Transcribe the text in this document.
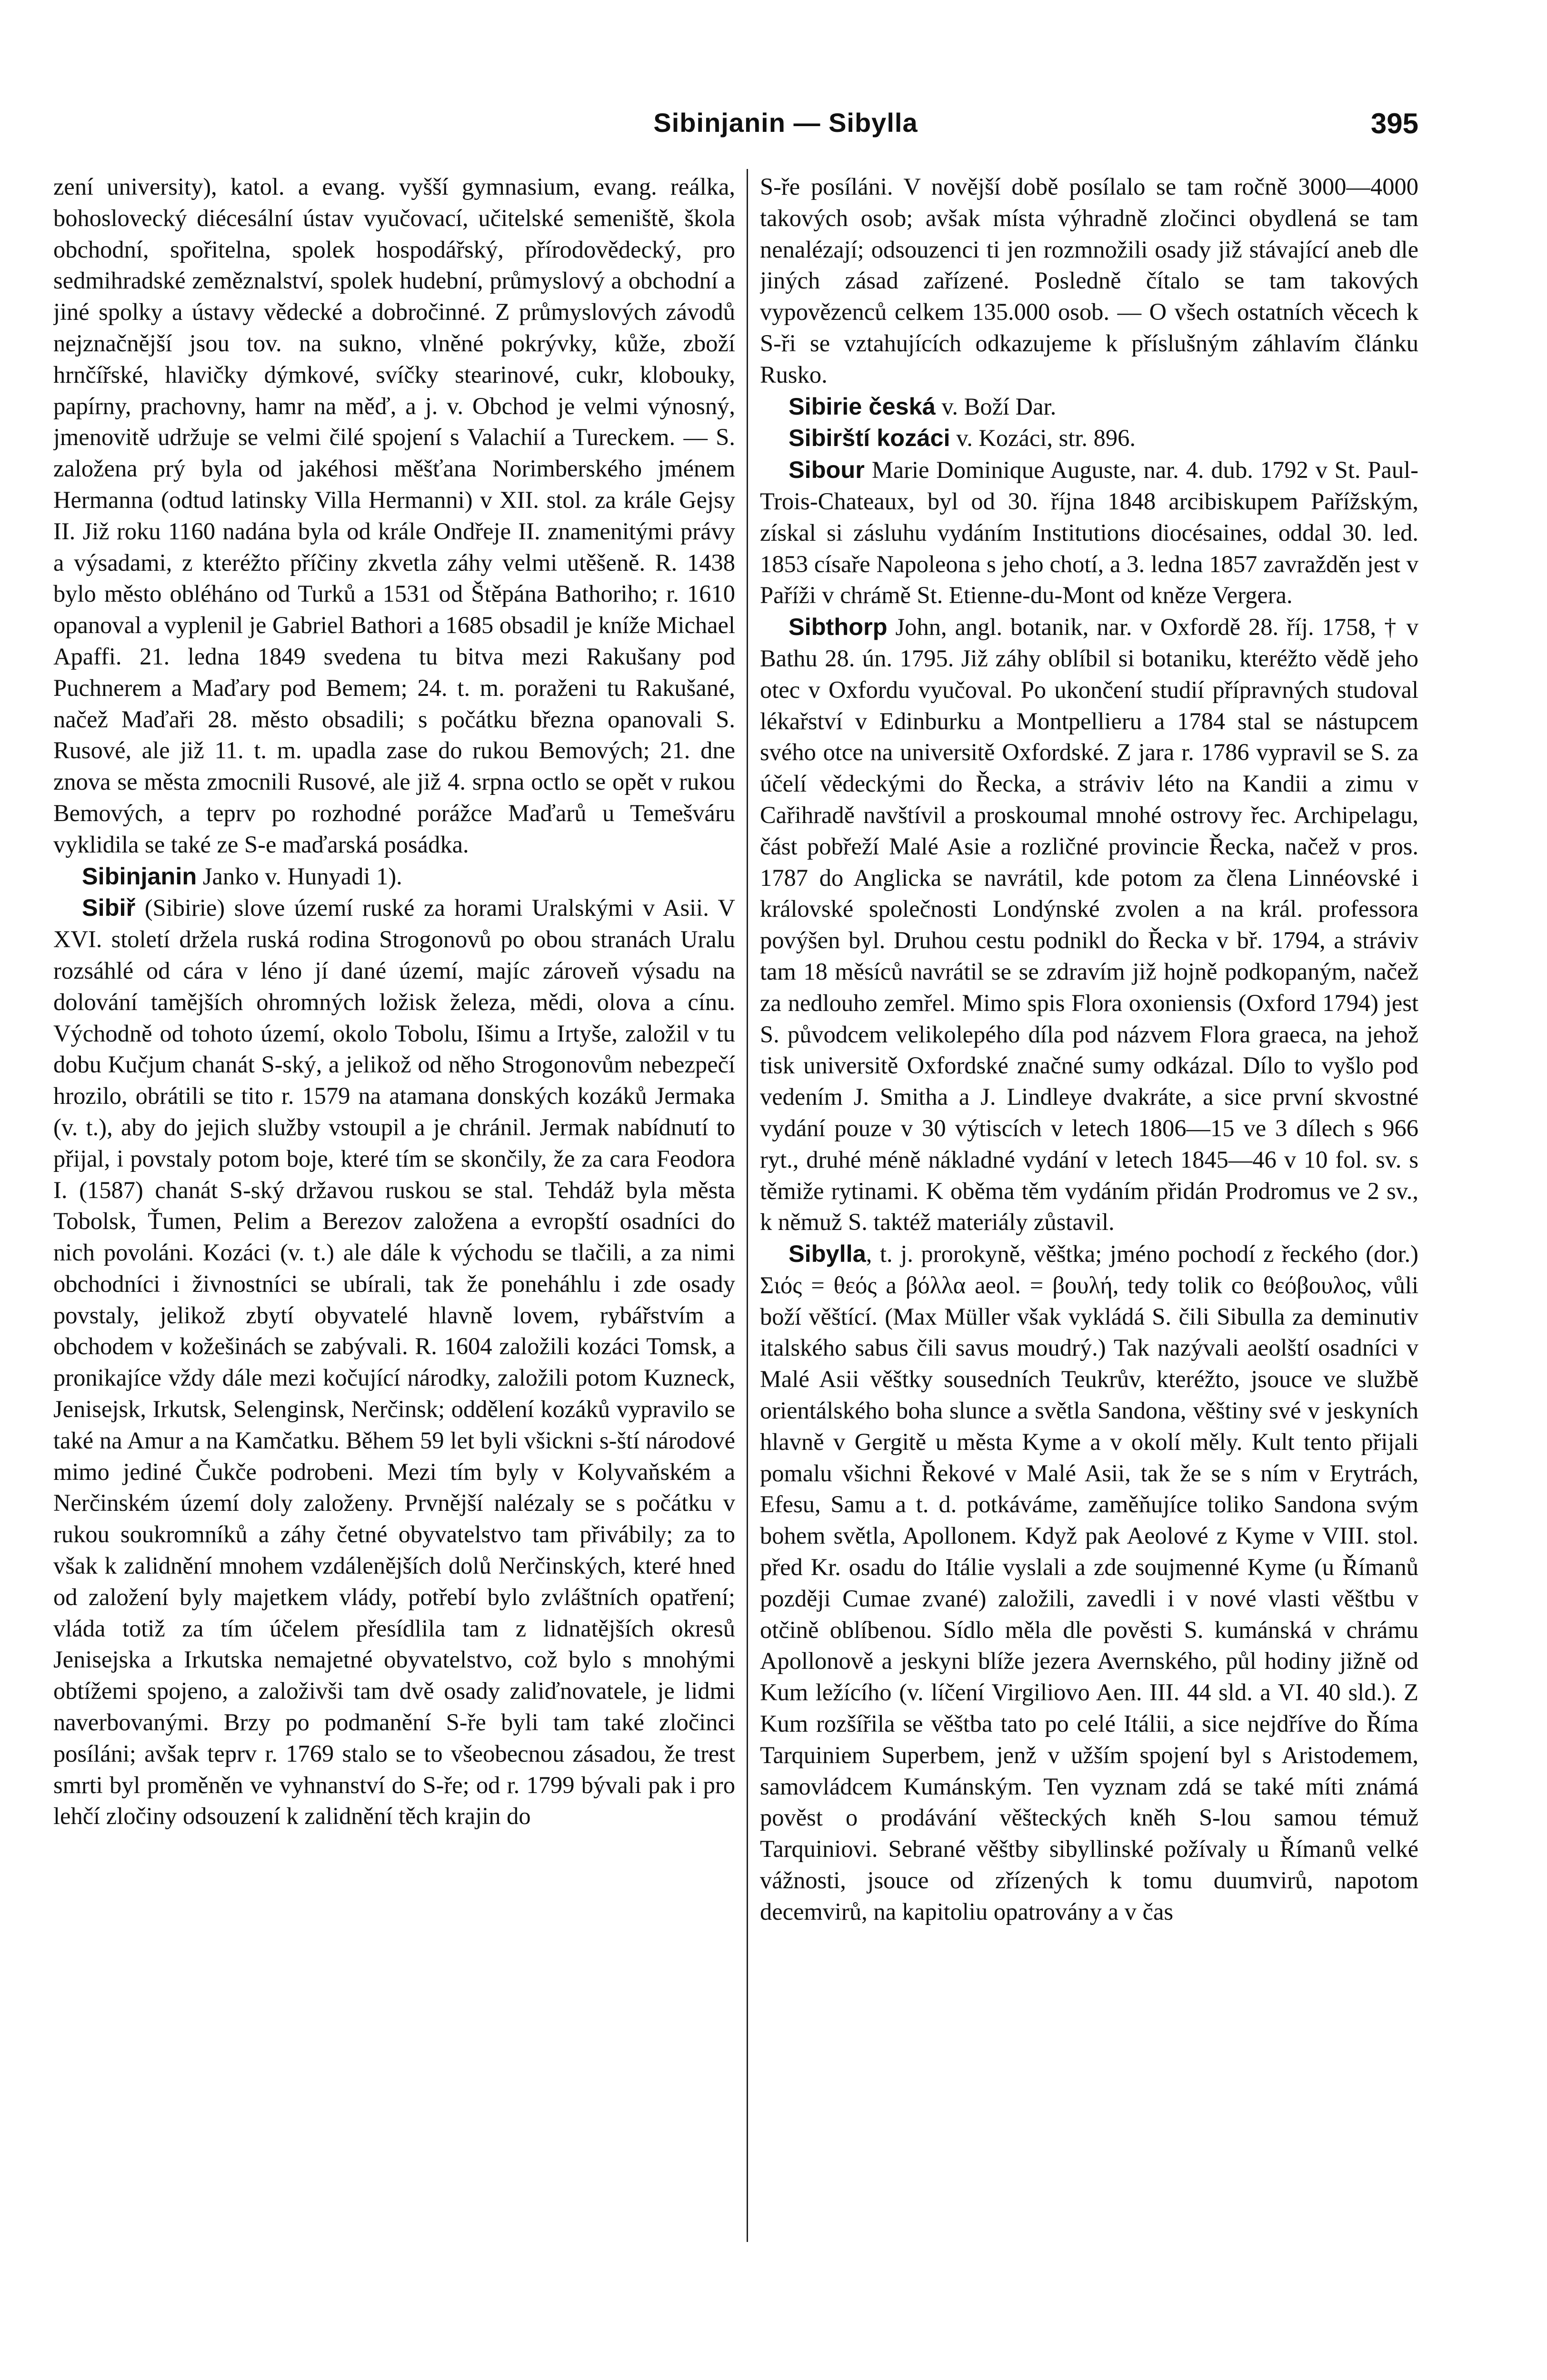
Sibinjanin — Sibylla	395

zení university), katol. a evang. vyšší gymnasium, evang. reálka, bohoslovecký diécesální ústav vyučovací, učitelské semeniště, škola obchodní, spořitelna, spolek hospodářský, přírodovědecký, pro sedmihradské zeměznalství, spolek hudební, průmyslový a obchodní a jiné spolky a ústavy vědecké a dobročinné. Z průmyslových závodů nejznačnější jsou tov. na sukno, vlněné pokrývky, kůže, zboží hrnčířské, hlavičky dýmkové, svíčky stearinové, cukr, klobouky, papírny, prachovny, hamr na měď, a j. v. Obchod je velmi výnosný, jmenovitě udržuje se velmi čilé spojení s Valachií a Tureckem. — S. založena prý byla od jakéhosi měšťana Norimberského jménem Hermanna (odtud latinsky Villa Hermanni) v XII. stol. za krále Gejsy II. Již roku 1160 nadána byla od krále Ondřeje II. znamenitými právy a výsadami, z kteréžto příčiny zkvetla záhy velmi utěšeně. R. 1438 bylo město obléháno od Turků a 1531 od Štěpána Bathoriho; r. 1610 opanoval a vyplenil je Gabriel Bathori a 1685 obsadil je kníže Michael Apaffi. 21. ledna 1849 svedena tu bitva mezi Rakušany pod Puchnerem a Maďary pod Bemem; 24. t. m. poraženi tu Rakušané, načež Maďaři 28. město obsadili; s počátku března opanovali S. Rusové, ale již 11. t. m. upadla zase do rukou Bemových; 21. dne znova se města zmocnili Rusové, ale již 4. srpna octlo se opět v rukou Bemových, a teprv po rozhodné porážce Maďarů u Temešváru vyklidila se také ze S-e maďarská posádka.

Sibinjanin Janko v. Hunyadi 1).

Sibiř (Sibirie) slove území ruské za horami Uralskými v Asii. V XVI. století držela ruská rodina Strogonovů po obou stranách Uralu rozsáhlé od cára v léno jí dané území, majíc zároveň výsadu na dolování tamějších ohromných ložisk železa, mědi, olova a cínu. Východně od tohoto území, okolo Tobolu, Išimu a Irtyše, založil v tu dobu Kučjum chanát S-ský, a jelikož od něho Strogonovům nebezpečí hrozilo, obrátili se tito r. 1579 na atamana donských kozáků Jermaka (v. t.), aby do jejich služby vstoupil a je chránil. Jermak nabídnutí to přijal, i povstaly potom boje, které tím se skončily, že za cara Feodora I. (1587) chanát S-ský državou ruskou se stal. Tehdáž byla města Tobolsk, Ťumen, Pelim a Berezov založena a evropští osadníci do nich povoláni. Kozáci (v. t.) ale dále k východu se tlačili, a za nimi obchodníci i živnostníci se ubírali, tak že poneháhlu i zde osady povstaly, jelikož zbytí obyvatelé hlavně lovem, rybářstvím a obchodem v kožešinách se zabývali. R. 1604 založili kozáci Tomsk, a pronikajíce vždy dále mezi kočující národky, založili potom Kuzneck, Jenisejsk, Irkutsk, Selenginsk, Nerčinsk; oddělení kozáků vypravilo se také na Amur a na Kamčatku. Během 59 let byli všickni s-ští národové mimo jediné Čukče podrobeni. Mezi tím byly v Kolyvaňském a Nerčinském území doly založeny. Prvnější nalézaly se s počátku v rukou soukromníků a záhy četné obyvatelstvo tam přivábily; za to však k zalidnění mnohem vzdálenějších dolů Nerčinských, které hned od založení byly majetkem vlády, potřebí bylo zvláštních opatření; vláda totiž za tím účelem přesídlila tam z lidnatějších okresů Jenisejska a Irkutska nemajetné obyvatelstvo, což bylo s mnohými obtížemi spojeno, a založivši tam dvě osady zaliďnovatele, je lidmi naverbovanými. Brzy po podmanění S-ře byli tam také zločinci posíláni; avšak teprv r. 1769 stalo se to všeobecnou zásadou, že trest smrti byl proměněn ve vyhnanství do S-ře; od r. 1799 bývali pak i pro lehčí zločiny odsouzení k zalidnění těch krajin do

S-ře posíláni. V novější době posílalo se tam ročně 3000—4000 takových osob; avšak místa výhradně zločinci obydlená se tam nenalézají; odsouzenci ti jen rozmnožili osady již stávající aneb dle jiných zásad zařízené. Posledně čítalo se tam takových vypovězenců celkem 135.000 osob. — O všech ostatních věcech k S-ři se vztahujících odkazujeme k příslušným záhlavím článku Rusko.

Sibirie česká v. Boží Dar.

Sibirští kozáci v. Kozáci, str. 896.

Sibour Marie Dominique Auguste, nar. 4. dub. 1792 v St. Paul-Trois-Chateaux, byl od 30. října 1848 arcibiskupem Pařížským, získal si zásluhu vydáním Institutions diocésaines, oddal 30. led. 1853 císaře Napoleona s jeho chotí, a 3. ledna 1857 zavražděn jest v Paříži v chrámě St. Etienne-du-Mont od kněze Vergera.

Sibthorp John, angl. botanik, nar. v Oxfordě 28. říj. 1758, † v Bathu 28. ún. 1795. Již záhy oblíbil si botaniku, kteréžto vědě jeho otec v Oxfordu vyučoval. Po ukončení studií přípravných studoval lékařství v Edinburku a Montpellieru a 1784 stal se nástupcem svého otce na universitě Oxfordské. Z jara r. 1786 vypravil se S. za účelí vědeckými do Řecka, a stráviv léto na Kandii a zimu v Cařihradě navštívil a proskoumal mnohé ostrovy řec. Archipelagu, část pobřeží Malé Asie a rozličné provincie Řecka, načež v pros. 1787 do Anglicka se navrátil, kde potom za člena Linnéovské i královské společnosti Londýnské zvolen a na král. professora povýšen byl. Druhou cestu podnikl do Řecka v bř. 1794, a stráviv tam 18 měsíců navrátil se se zdravím již hojně podkopaným, načež za nedlouho zemřel. Mimo spis Flora oxoniensis (Oxford 1794) jest S. původcem velikolepého díla pod názvem Flora graeca, na jehož tisk universitě Oxfordské značné sumy odkázal. Dílo to vyšlo pod vedením J. Smitha a J. Lindleye dvakráte, a sice první skvostné vydání pouze v 30 výtiscích v letech 1806—15 ve 3 dílech s 966 ryt., druhé méně nákladné vydání v letech 1845—46 v 10 fol. sv. s těmiže rytinami. K oběma těm vydáním přidán Prodromus ve 2 sv., k němuž S. taktéž materiály zůstavil.

Sibylla, t. j. prorokyně, věštka; jméno pochodí z řeckého (dor.) Σιός = θεός a βόλλα aeol. = βουλή, tedy tolik co θεόβουλος, vůli boží věštící. (Max Müller však vykládá S. čili Sibulla za deminutiv italského sabus čili savus moudrý.) Tak nazývali aeolští osadníci v Malé Asii věštky sousedních Teukrův, kteréžto, jsouce ve službě orientálského boha slunce a světla Sandona, věštiny své v jeskyních hlavně v Gergitě u města Kyme a v okolí měly. Kult tento přijali pomalu všichni Řekové v Malé Asii, tak že se s ním v Erytrách, Efesu, Samu a t. d. potkáváme, zaměňujíce toliko Sandona svým bohem světla, Apollonem. Když pak Aeolové z Kyme v VIII. stol. před Kr. osadu do Itálie vyslali a zde soujmenné Kyme (u Římanů později Cumae zvané) založili, zavedli i v nové vlasti věštbu v otčině oblíbenou. Sídlo měla dle pověsti S. kumánská v chrámu Apollonově a jeskyni blíže jezera Avernského, půl hodiny jižně od Kum ležícího (v. líčení Virgiliovo Aen. III. 44 sld. a VI. 40 sld.). Z Kum rozšířila se věštba tato po celé Itálii, a sice nejdříve do Říma Tarquiniem Superbem, jenž v užším spojení byl s Aristodemem, samovládcem Kumánským. Ten vyznam zdá se také míti známá pověst o prodávání věšteckých kněh S-lou samou témuž Tarquiniovi. Sebrané věštby sibyllinské požívaly u Římanů velké vážnosti, jsouce od zřízených k tomu duumvirů, napotom decemvirů, na kapitoliu opatrovány a v čas
